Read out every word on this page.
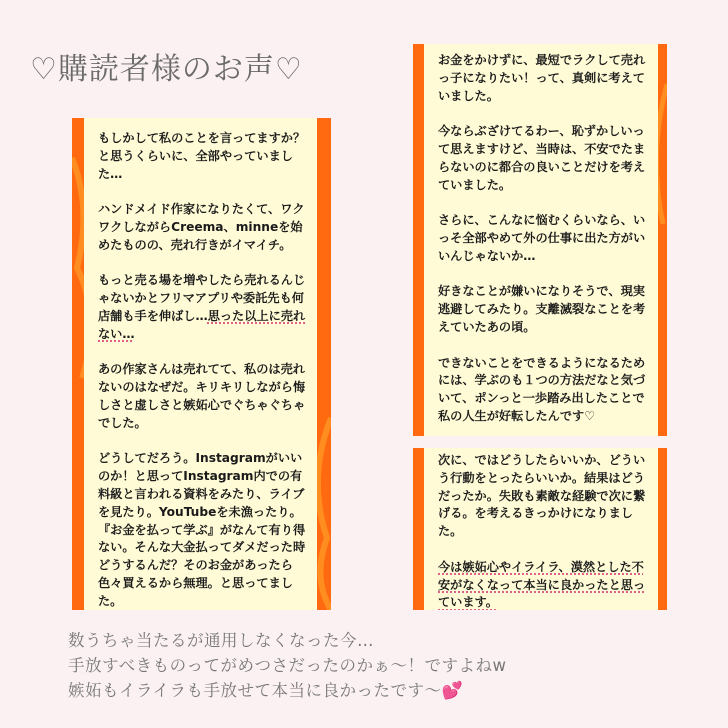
♡購読者様のお声♡

もしかして私のことを言ってますか？と思うくらいに、全部やっていました…

ハンドメイド作家になりたくて、ワクワクしながらCreema、minneを始めたものの、売れ行きがイマイチ。

もっと売る場を増やしたら売れるんじゃないかとフリマアプリや委託先も何店舗も手を伸ばし…思った以上に売れない…

あの作家さんは売れてて、私のは売れないのはなぜだ。キリキリしながら悔しさと虚しさと嫉妬心でぐちゃぐちゃでした。

どうしてだろう。Instagramがいいのか！と思ってInstagram内での有料級と言われる資料をみたり、ライブを見たり。YouTubeを未漁ったり。『お金を払って学ぶ』がなんて有り得ない。そんな大金払ってダメだった時どうするんだ？そのお金があったら色々買えるから無理。と思ってました。

お金をかけずに、最短でラクして売れっ子になりたい！って、真剣に考えていました。

今ならぶざけてるわー、恥ずかしいって思えますけど、当時は、不安でたまらないのに都合の良いことだけを考えていました。

さらに、こんなに悩むくらいなら、いっそ全部やめて外の仕事に出た方がいいんじゃないか…

好きなことが嫌いになりそうで、現実逃避してみたり。支離滅裂なことを考えていたあの頃。

できないことをできるようになるためには、学ぶのも１つの方法だなと気づいて、ポンっと一歩踏み出したことで私の人生が好転したんです♡

次に、ではどうしたらいいか、どういう行動をとったらいいか。結果はどうだったか。失敗も素敵な経験で次に繋げる。を考えるきっかけになりました。

今は嫉妬心やイライラ、漠然とした不安がなくなって本当に良かったと思っています。

数うちゃ当たるが通用しなくなった今…
手放すべきものってがめつさだったのかぁ〜！ですよねw
嫉妬もイライラも手放せて本当に良かったです〜💕
